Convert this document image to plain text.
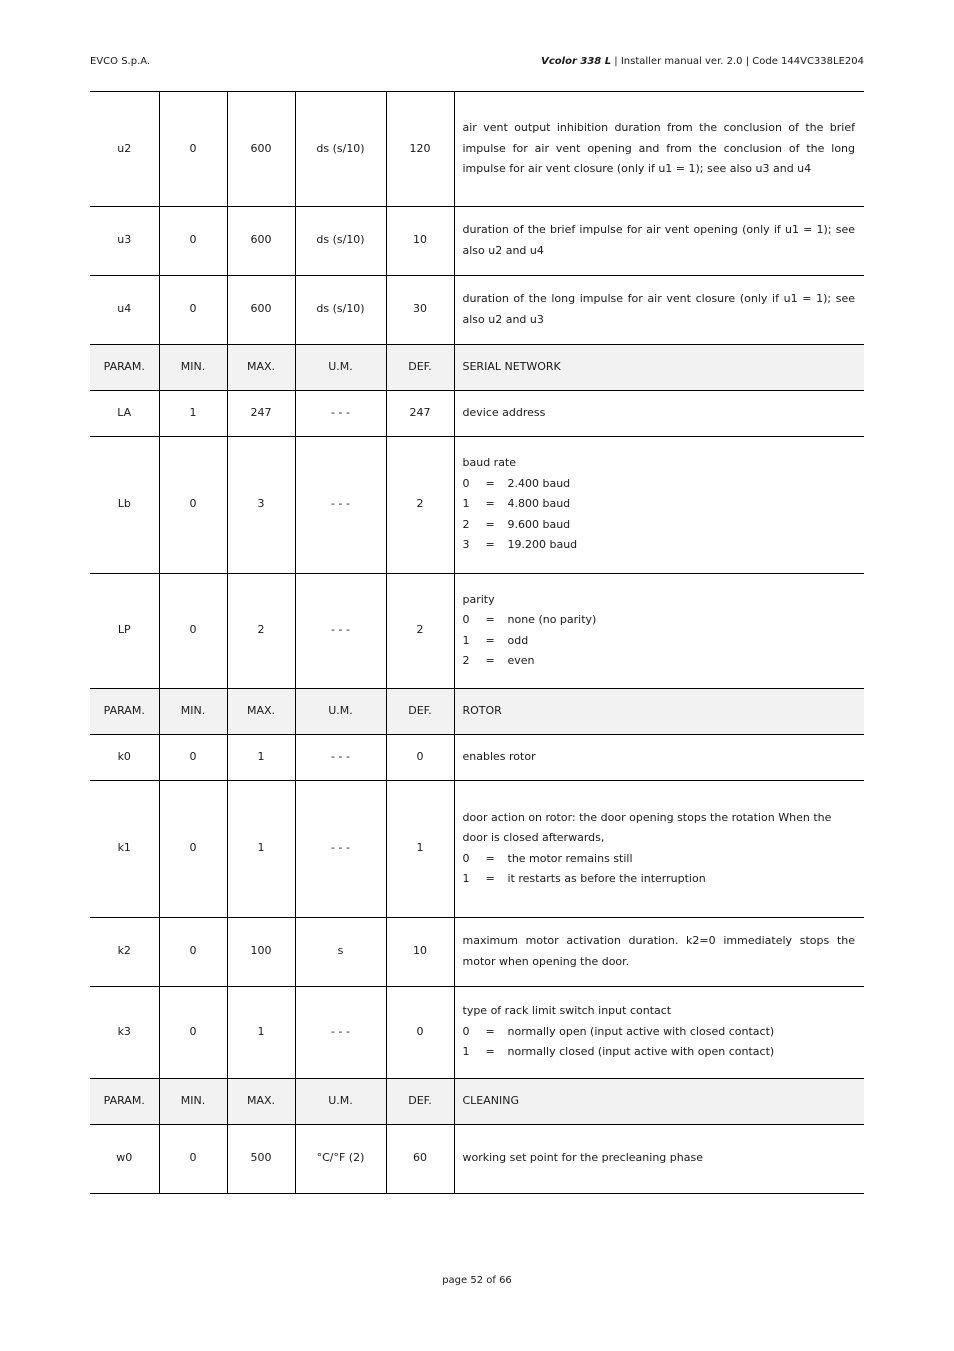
EVCO S.p.A.	Vcolor 338 L | Installer manual ver. 2.0 | Code 144VC338LE204
u2	0	600	ds (s/10)	120	air vent output inhibition duration from the conclusion of the brief impulse for air vent opening and from the conclusion of the long impulse for air vent closure (only if u1 = 1); see also u3 and u4

u3	0	600	ds (s/10)	10	duration of the brief impulse for air vent opening (only if u1 = 1); see also u2 and u4

u4	0	600	ds (s/10)	30	duration of the long impulse for air vent closure (only if u1 = 1); see also u2 and u3

PARAM.	MIN.	MAX.	U.M.	DEF.	SERIAL NETWORK
LA	1	247	- - -	247	device address

Lb	0	3	- - -	2	baud rate
0 = 2.400 baud
1 = 4.800 baud
2 = 9.600 baud
3 = 19.200 baud

LP	0	2	- - -	2	parity
0 = none (no parity)
1 = odd
2 = even

PARAM.	MIN.	MAX.	U.M.	DEF.	ROTOR
k0	0	1	- - -	0	enables rotor

k1	0	1	- - -	1	door action on rotor: the door opening stops the rotation When the door is closed afterwards,
0 = the motor remains still
1 = it restarts as before the interruption

k2	0	100	s	10	maximum motor activation duration. k2=0 immediately stops the motor when opening the door.

k3	0	1	- - -	0	type of rack limit switch input contact
0 = normally open (input active with closed contact)
1 = normally closed (input active with open contact)

PARAM.	MIN.	MAX.	U.M.	DEF.	CLEANING
w0	0	500	°C/°F (2)	60	working set point for the precleaning phase
page 52 of 66
